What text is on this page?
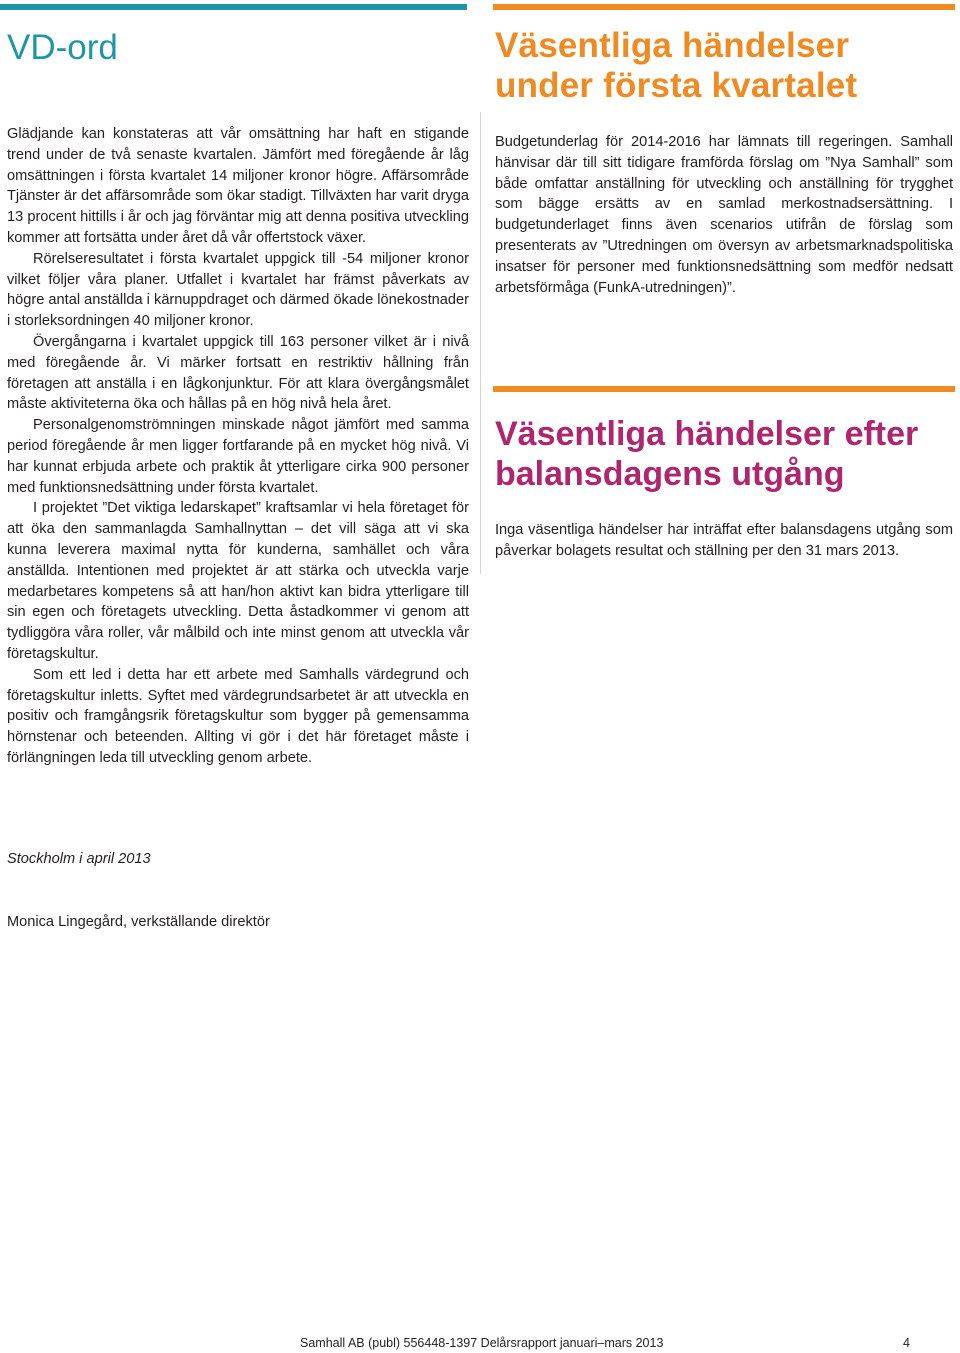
VD-ord

Glädjande kan konstateras att vår omsättning har haft en stigande trend under de två senaste kvartalen. Jämfört med föregående år låg omsättningen i första kvartalet 14 miljoner kronor högre. Affärsområde Tjänster är det affärsområde som ökar stadigt. Tillväxten har varit dryga 13 procent hittills i år och jag förväntar mig att denna positiva utveckling kommer att fortsätta under året då vår offertstock växer.

Rörelseresultatet i första kvartalet uppgick till -54 miljoner kronor vilket följer våra planer. Utfallet i kvartalet har främst påverkats av högre antal anställda i kärnuppdraget och därmed ökade lönekostnader i storleksordningen 40 miljoner kronor.

Övergångarna i kvartalet uppgick till 163 personer vilket är i nivå med föregående år. Vi märker fortsatt en restriktiv hållning från företagen att anställa i en lågkonjunktur. För att klara övergångsmålet måste aktiviteterna öka och hållas på en hög nivå hela året.

Personalgenomströmningen minskade något jämfört med samma period föregående år men ligger fortfarande på en mycket hög nivå. Vi har kunnat erbjuda arbete och praktik åt ytterligare cirka 900 personer med funktionsnedsättning under första kvartalet.

I projektet ”Det viktiga ledarskapet” kraftsamlar vi hela företaget för att öka den sammanlagda Samhallnyttan – det vill säga att vi ska kunna leverera maximal nytta för kunderna, samhället och våra anställda. Intentionen med projektet är att stärka och utveckla varje medarbetares kompetens så att han/hon aktivt kan bidra ytterligare till sin egen och företagets utveckling. Detta åstadkommer vi genom att tydliggöra våra roller, vår målbild och inte minst genom att utveckla vår företagskultur.

Som ett led i detta har ett arbete med Samhalls värdegrund och företagskultur inletts. Syftet med värdegrundsarbetet är att utveckla en positiv och framgångsrik företagskultur som bygger på gemensamma hörnstenar och beteenden. Allting vi gör i det här företaget måste i förlängningen leda till utveckling genom arbete.

Väsentliga händelser
under första kvartalet

Budgetunderlag för 2014-2016 har lämnats till regeringen. Samhall hänvisar där till sitt tidigare framförda förslag om ”Nya Samhall” som både omfattar anställning för utveckling och anställning för trygghet som bägge ersätts av en samlad merkostnadsersättning. I budgetunderlaget finns även scenarios utifrån de förslag som presenterats av ”Utredningen om översyn av arbetsmarknadspolitiska insatser för personer med funktionsnedsättning som medför nedsatt arbetsförmåga (FunkA-utredningen)”.

Väsentliga händelser efter
balansdagens utgång

Inga väsentliga händelser har inträffat efter balansdagens utgång som påverkar bolagets resultat och ställning per den 31 mars 2013.

Stockholm i april 2013
Monica Lingegård, verkställande direktör
Samhall AB (publ) 556448-1397 Delårsrapport januari–mars 2013	4
